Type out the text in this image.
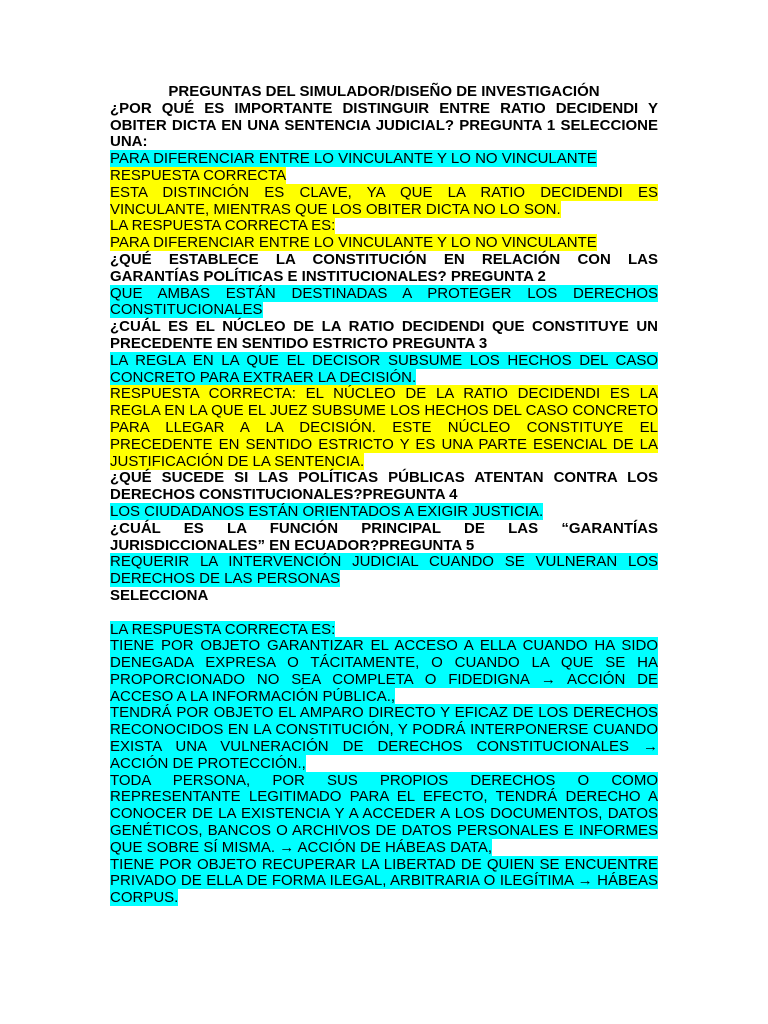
PREGUNTAS DEL SIMULADOR/DISEÑO DE INVESTIGACIÓN
¿POR QUÉ ES IMPORTANTE DISTINGUIR ENTRE RATIO DECIDENDI Y OBITER DICTA EN UNA SENTENCIA JUDICIAL? PREGUNTA 1 SELECCIONE UNA:
PARA DIFERENCIAR ENTRE LO VINCULANTE Y LO NO VINCULANTE
RESPUESTA CORRECTA
ESTA DISTINCIÓN ES CLAVE, YA QUE LA RATIO DECIDENDI ES VINCULANTE, MIENTRAS QUE LOS OBITER DICTA NO LO SON.
LA RESPUESTA CORRECTA ES:
PARA DIFERENCIAR ENTRE LO VINCULANTE Y LO NO VINCULANTE
¿QUÉ ESTABLECE LA CONSTITUCIÓN EN RELACIÓN CON LAS GARANTÍAS POLÍTICAS E INSTITUCIONALES? PREGUNTA 2
QUE AMBAS ESTÁN DESTINADAS A PROTEGER LOS DERECHOS CONSTITUCIONALES
¿CUÁL ES EL NÚCLEO DE LA RATIO DECIDENDI QUE CONSTITUYE UN PRECEDENTE EN SENTIDO ESTRICTO PREGUNTA 3
LA REGLA EN LA QUE EL DECISOR SUBSUME LOS HECHOS DEL CASO CONCRETO PARA EXTRAER LA DECISIÓN.
RESPUESTA CORRECTA: EL NÚCLEO DE LA RATIO DECIDENDI ES LA REGLA EN LA QUE EL JUEZ SUBSUME LOS HECHOS DEL CASO CONCRETO PARA LLEGAR A LA DECISIÓN. ESTE NÚCLEO CONSTITUYE EL PRECEDENTE EN SENTIDO ESTRICTO Y ES UNA PARTE ESENCIAL DE LA JUSTIFICACIÓN DE LA SENTENCIA.
¿QUÉ SUCEDE SI LAS POLÍTICAS PÚBLICAS ATENTAN CONTRA LOS DERECHOS CONSTITUCIONALES?PREGUNTA 4
LOS CIUDADANOS ESTÁN ORIENTADOS A EXIGIR JUSTICIA.
¿CUÁL ES LA FUNCIÓN PRINCIPAL DE LAS “GARANTÍAS JURISDICCIONALES” EN ECUADOR?PREGUNTA 5
REQUERIR LA INTERVENCIÓN JUDICIAL CUANDO SE VULNERAN LOS DERECHOS DE LAS PERSONAS
SELECCIONA
LA RESPUESTA CORRECTA ES:
TIENE POR OBJETO GARANTIZAR EL ACCESO A ELLA CUANDO HA SIDO DENEGADA EXPRESA O TÁCITAMENTE, O CUANDO LA QUE SE HA PROPORCIONADO NO SEA COMPLETA O FIDEDIGNA → ACCIÓN DE ACCESO A LA INFORMACIÓN PÚBLICA.,
TENDRÁ POR OBJETO EL AMPARO DIRECTO Y EFICAZ DE LOS DERECHOS RECONOCIDOS EN LA CONSTITUCIÓN, Y PODRÁ INTERPONERSE CUANDO EXISTA UNA VULNERACIÓN DE DERECHOS CONSTITUCIONALES → ACCIÓN DE PROTECCIÓN.,
TODA PERSONA, POR SUS PROPIOS DERECHOS O COMO REPRESENTANTE LEGITIMADO PARA EL EFECTO, TENDRÁ DERECHO A CONOCER DE LA EXISTENCIA Y A ACCEDER A LOS DOCUMENTOS, DATOS GENÉTICOS, BANCOS O ARCHIVOS DE DATOS PERSONALES E INFORMES QUE SOBRE SÍ MISMA. → ACCIÓN DE HÁBEAS DATA,
TIENE POR OBJETO RECUPERAR LA LIBERTAD DE QUIEN SE ENCUENTRE PRIVADO DE ELLA DE FORMA ILEGAL, ARBITRARIA O ILEGÍTIMA → HÁBEAS CORPUS.
